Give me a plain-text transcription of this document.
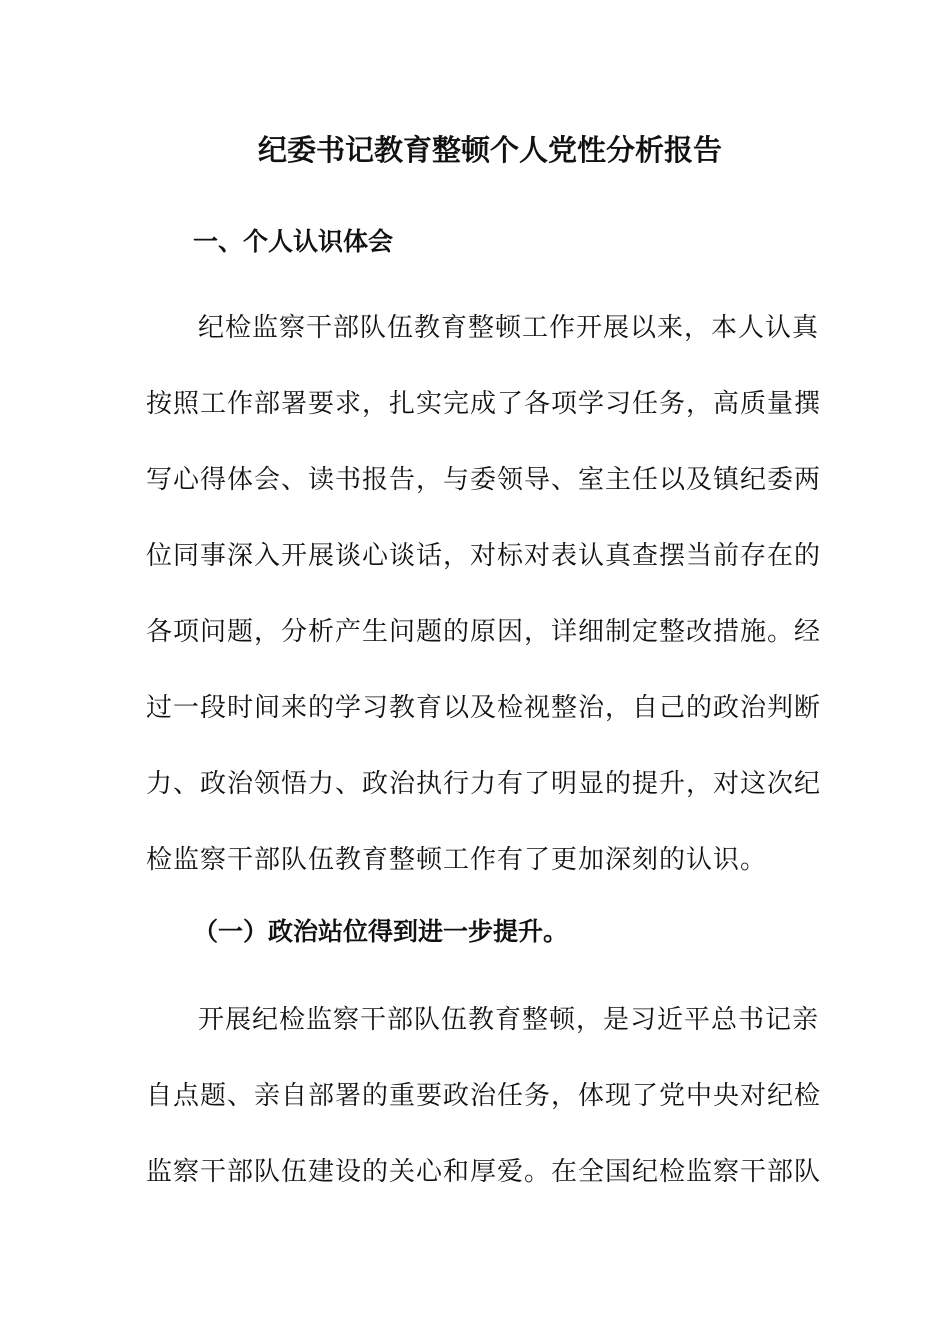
纪委书记教育整顿个人党性分析报告
一、个人认识体会

纪检监察干部队伍教育整顿工作开展以来，本人认真
按照工作部署要求，扎实完成了各项学习任务，高质量撰
写心得体会、读书报告，与委领导、室主任以及镇纪委两
位同事深入开展谈心谈话，对标对表认真查摆当前存在的
各项问题，分析产生问题的原因，详细制定整改措施。经
过一段时间来的学习教育以及检视整治，自己的政治判断
力、政治领悟力、政治执行力有了明显的提升，对这次纪
检监察干部队伍教育整顿工作有了更加深刻的认识。

（一）政治站位得到进一步提升。

开展纪检监察干部队伍教育整顿，是习近平总书记亲
自点题、亲自部署的重要政治任务，体现了党中央对纪检
监察干部队伍建设的关心和厚爱。在全国纪检监察干部队
